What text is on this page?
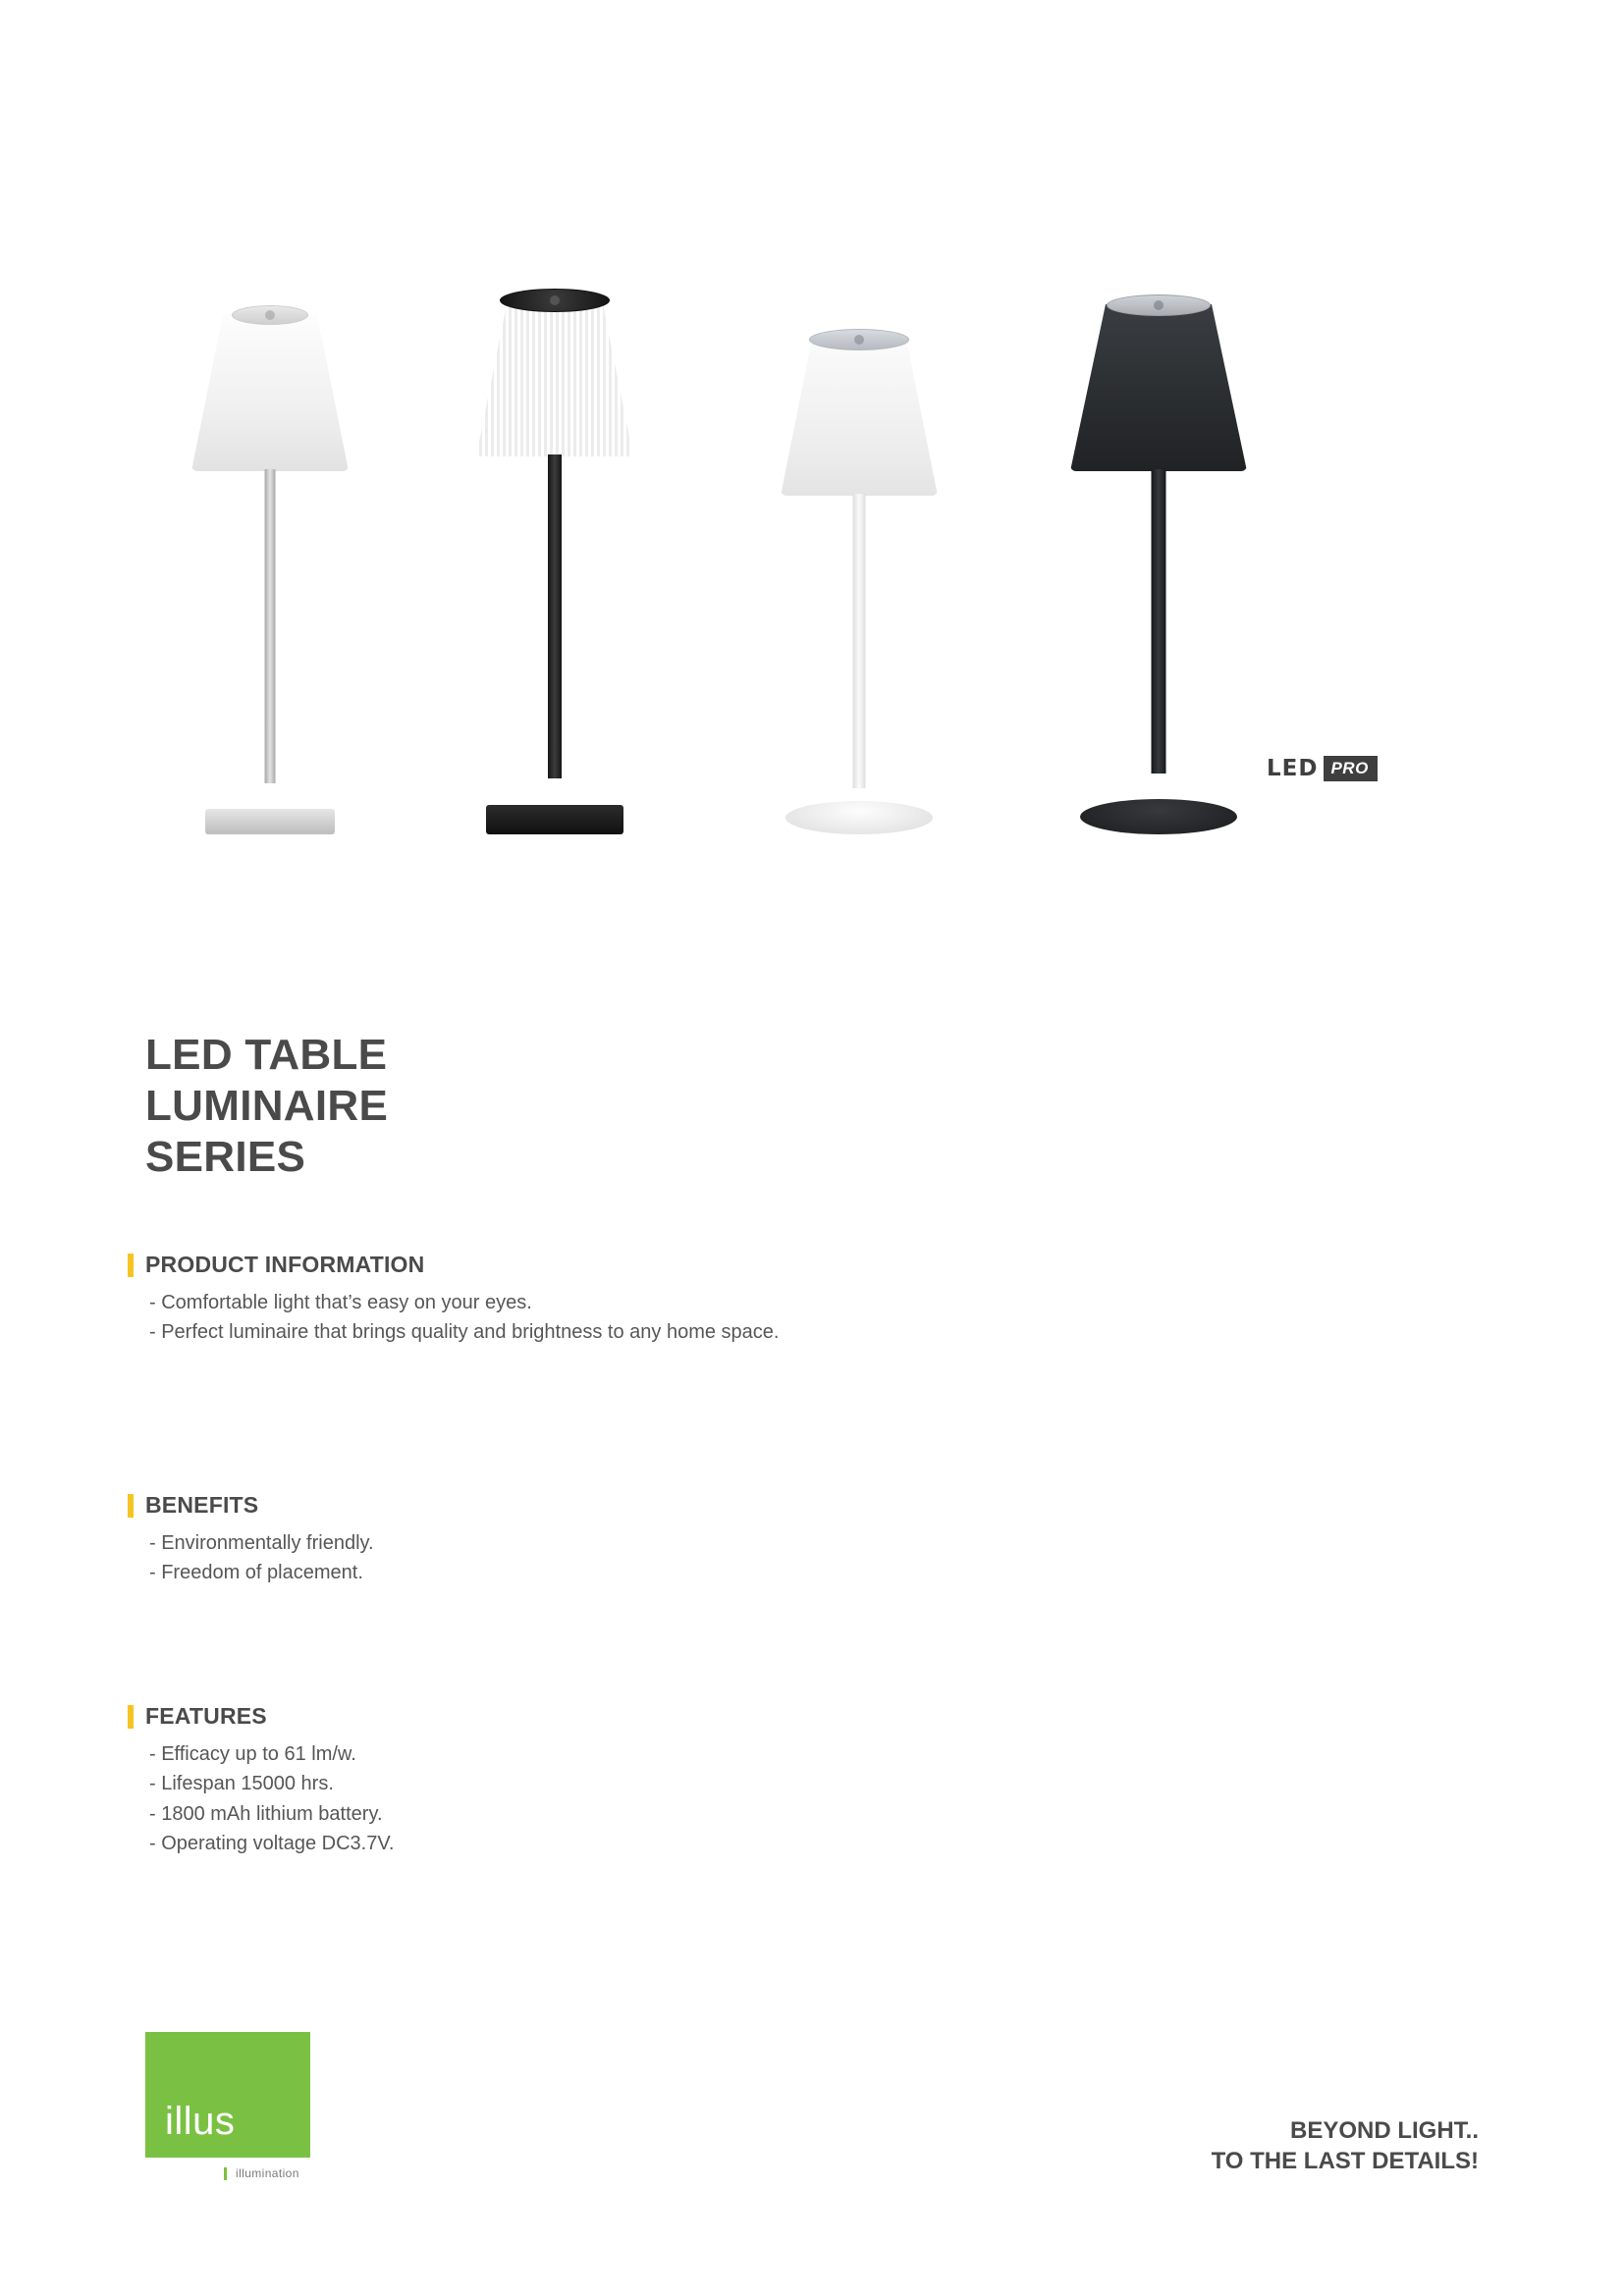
LED PRO
LED TABLE
LUMINAIRE
SERIES
PRODUCT INFORMATION
- Comfortable light that’s easy on your eyes.
- Perfect luminaire that brings quality and brightness to any home space.
BENEFITS
- Environmentally friendly.
- Freedom of placement.
FEATURES
- Efficacy up to 61 lm/w.
- Lifespan 15000 hrs.
- 1800 mAh lithium battery.
- Operating voltage DC3.7V.
illus
illumination
BEYOND LIGHT..
TO THE LAST DETAILS!
